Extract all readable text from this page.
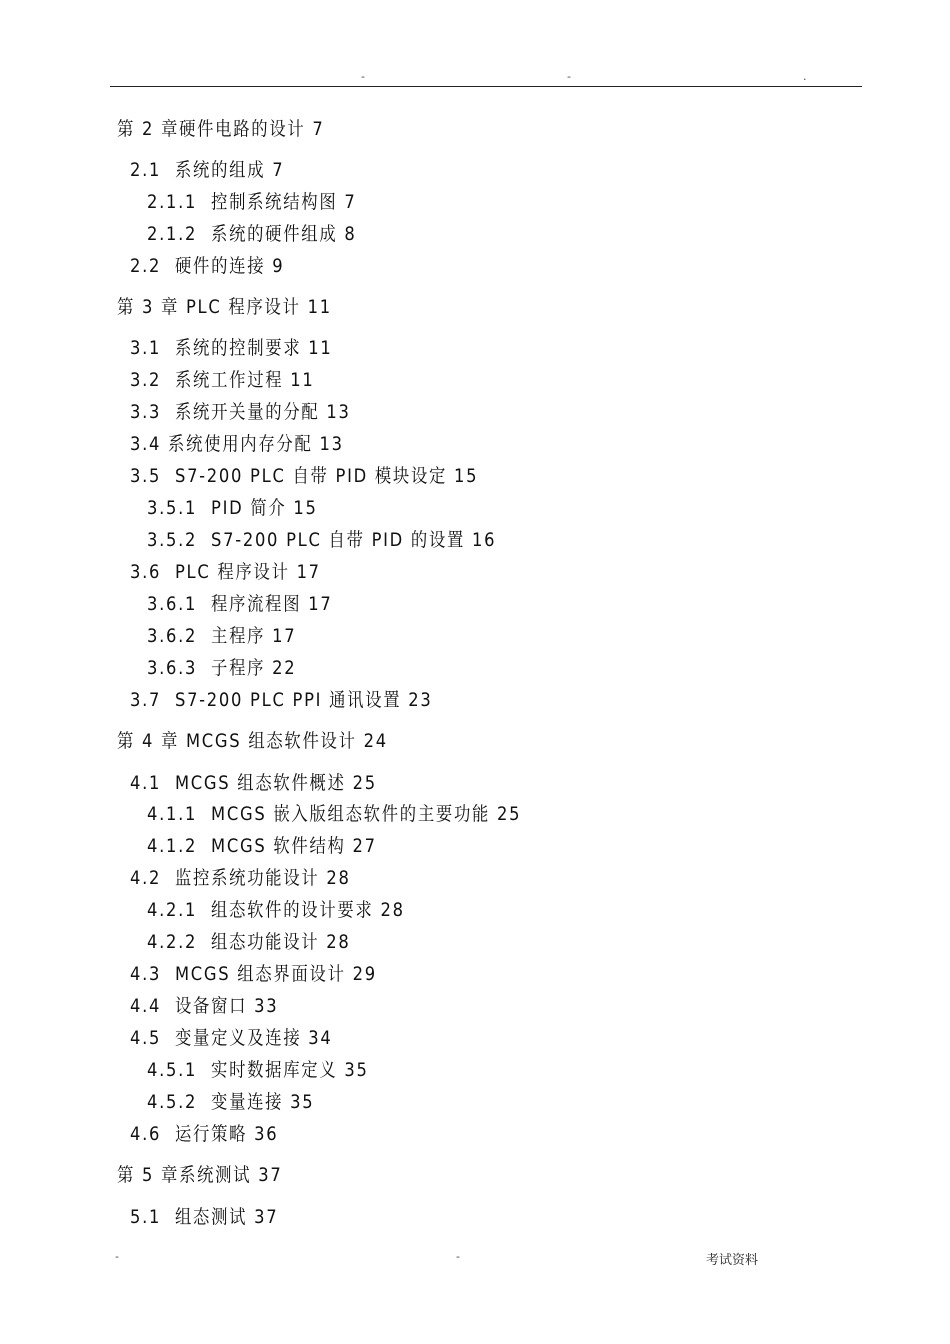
-	-	.
第 2 章硬件电路的设计 7
2.1  系统的组成 7
2.1.1  控制系统结构图 7
2.1.2  系统的硬件组成 8
2.2  硬件的连接 9
第 3 章 PLC 程序设计 11
3.1  系统的控制要求 11
3.2  系统工作过程 11
3.3  系统开关量的分配 13
3.4 系统使用内存分配 13
3.5  S7-200 PLC 自带 PID 模块设定 15
3.5.1  PID 简介 15
3.5.2  S7-200 PLC 自带 PID 的设置 16
3.6  PLC 程序设计 17
3.6.1  程序流程图 17
3.6.2  主程序 17
3.6.3  子程序 22
3.7  S7-200 PLC PPI 通讯设置 23
第 4 章 MCGS 组态软件设计 24
4.1  MCGS 组态软件概述 25
4.1.1  MCGS 嵌入版组态软件的主要功能 25
4.1.2  MCGS 软件结构 27
4.2  监控系统功能设计 28
4.2.1  组态软件的设计要求 28
4.2.2  组态功能设计 28
4.3  MCGS 组态界面设计 29
4.4  设备窗口 33
4.5  变量定义及连接 34
4.5.1  实时数据库定义 35
4.5.2  变量连接 35
4.6  运行策略 36
第 5 章系统测试 37
5.1  组态测试 37
-	-	考试资料
